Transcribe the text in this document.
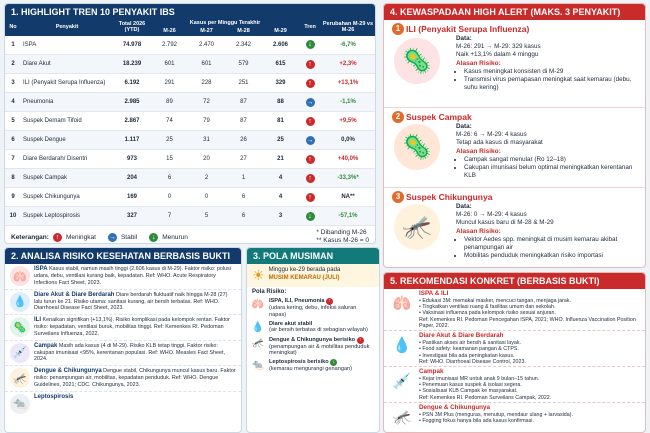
1. HIGHLIGHT TREN 10 PENYAKIT IBS
No	Penyakit	Total 2026 (YTD)	Kasus per Minggu Terakhir				Tren	Perubahan M-29 vs M-26
			M-26	M-27	M-28	M-29		
1	ISPA	74.978	2.792	2.470	2.342	2.606	↓	-6,7%
2	Diare Akut	18.239	601	601	579	615	↑	+2,3%
3	ILI (Penyakit Serupa Influenza)	6.192	291	228	251	329	↑	+13,1%
4	Pneumonia	2.985	89	72	87	88	→	-1,1%
5	Suspek Demam Tifoid	2.867	74	79	87	81	↑	+9,5%
6	Suspek Dengue	1.117	25	31	26	25	→	0,0%
7	Diare Berdarah/ Disentri	973	15	20	27	21	↑	+40,0%
8	Suspek Campak	204	6	2	1	4	↑	-33,3%*
9	Suspek Chikungunya	169	0	0	6	4	↑	NA**
10	Suspek Leptospirosis	327	7	5	6	3	↓	-57,1%
Keterangan: ↑	Meningkat → Stabil	↓	Menurun
* Dibanding M-26
** Kasus M-26 = 0
2. ANALISA RISIKO KESEHATAN BERBASIS BUKTI
🫁
ISPA Kasus stabil, namun masih tinggi (2.606 kasus di M-29). Faktor risiko: polusi udara, debu, ventilasi kurang baik, kepadatan. Ref: WHO. Acute Respiratory Infections Fact Sheet, 2023.
💧
Diare Akut & Diare Berdarah Diare berdarah fluktuatif naik hingga M-28 (27) lalu turun ke 21. Risiko utama: sanitasi kurang, air bersih terbatas. Ref: WHO. Diarrhoeal Disease Fact Sheet, 2023.
🦠
ILI Kenaikan signifikan (+13,1%). Risiko komplikasi pada kelompok rentan. Faktor risiko: kepadatan, ventilasi buruk, mobilitas tinggi. Ref: Kemenkes RI. Pedoman Surveilans Influenza, 2022.
💉
Campak Masih ada kasus (4 di M-29). Risiko KLB tetap tinggi. Faktor risiko: cakupan imunisasi <95%, kerentanan populasi. Ref: WHO. Measles Fact Sheet, 2024.
🦟
Dengue & Chikungunya Dengue stabil, Chikungunya muncul kasus baru. Faktor risiko: penampungan air, mobilitas, kepadatan penduduk. Ref: WHO. Dengue Guidelines, 2021; CDC. Chikungunya, 2023.
🐀
Leptospirosis
3. POLA MUSIMAN
☀ Minggu ke-29 berada pada
MUSIM KEMARAU (JULI)
Pola Risiko:
🫁 ISPA, ILI, Pneumonia ↑
(udara kering, debu, infeksi saluran napas)
💧 Diare akut stabil
(air bersih terbatas di sebagian wilayah)
🦟 Dengue & Chikungunya berisiko ↑
(penampungan air & mobilitas penduduk meningkat)
🐀 Leptospirosis berisiko ↓
(kemarau mengurangi genangan)
4. KEWASPADAAN HIGH ALERT (MAKS. 3 PENYAKIT)
1 ILI (Penyakit Serupa Influenza)
🦠
Data:
M-26: 291 → M-29: 329 kasus
Naik +13,1% dalam 4 minggu
Alasan Risiko:
• Kasus meningkat konsisten di M-29
• Transmisi virus pernapasan meningkat saat kemarau (debu, suhu kering)
2 Suspek Campak
🦠
Data:
M-26: 6 → M-29: 4 kasus
Tetap ada kasus di masyarakat
Alasan Risiko:
• Campak sangat menular (Ro 12–18)
• Cakupan imunisasi belum optimal meningkatkan kerentanan KLB
3 Suspek Chikungunya
🦟
Data:
M-26: 0 → M-29: 4 kasus
Muncul kasus baru di M-28 & M-29
Alasan Risiko:
• Vektor Aedes spp. meningkat di musim kemarau akibat penampungan air
• Mobilitas penduduk meningkatkan risiko importasi
5. REKOMENDASI KONKRET (BERBASIS BUKTI)
🫁
ISPA & ILI
• Edukasi 3M: memakai masker, mencuci tangan, menjaga jarak.
• Tingkatkan ventilasi ruang & fasilitas umum dan sekolah.
• Vaksinasi influenza pada kelompok risiko sesuai anjuran.
Ref: Kemenkes RI. Pedoman Pencegahan ISPA, 2021; WHO. Influenza Vaccination Position Paper, 2022.
💧
Diare Akut & Diare Berdarah
• Pastikan akses air bersih & sanitasi layak.
• Food safety: keamanan pangan & CTPS.
• Investigasi bila ada peningkatan kasus.
Ref: WHO. Diarrhoeal Disease Control, 2023.
💉
Campak
• Kejar imunisasi MR untuk anak 9 bulan–15 tahun.
• Penemuan kasus suspek & isolasi segera.
• Sosialisasi KLB Campak ke masyarakat.
Ref: Kemenkes RI. Pedoman Surveilans Campak, 2022.
🦟
Dengue & Chikungunya
• PSN 3M Plus (menguras, menutup, mendaur ulang + larvasida).
• Fogging fokus hanya bila ada kasus konfirmasi.
